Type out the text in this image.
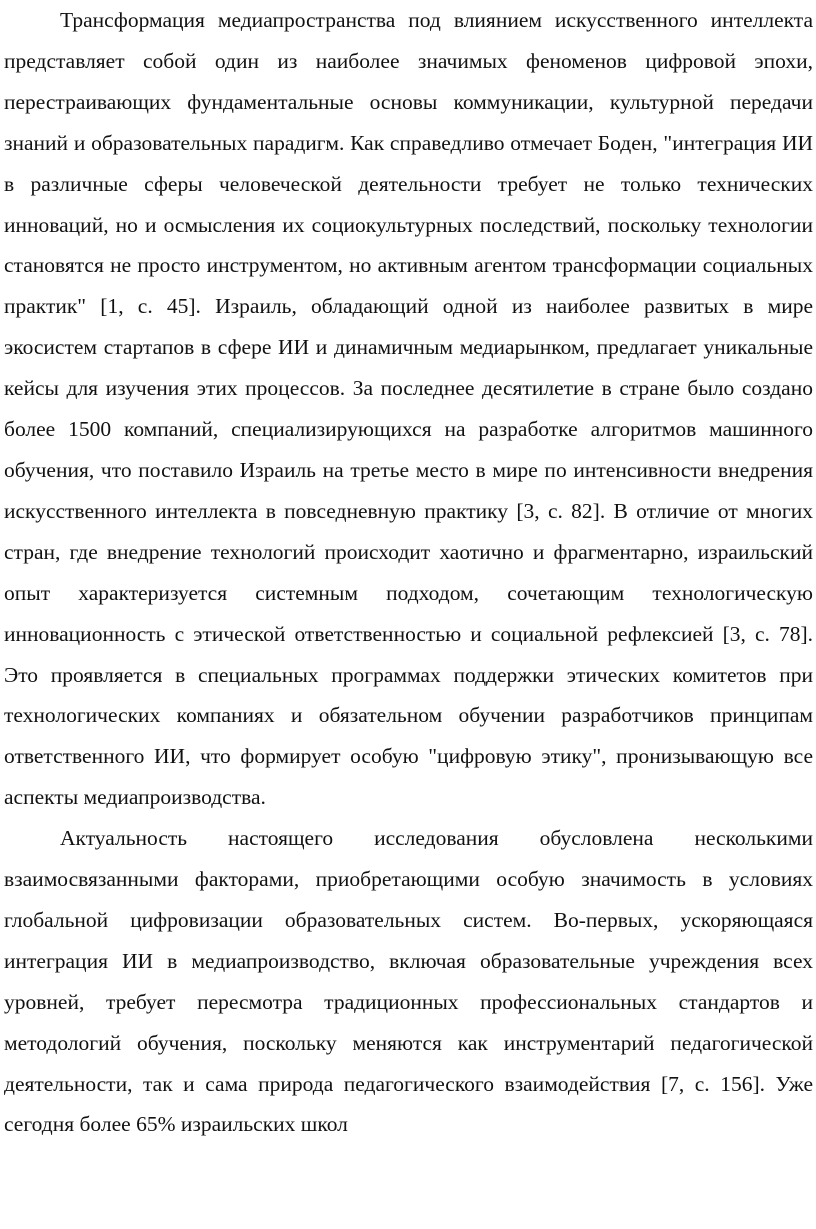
Трансформация медиапространства под влиянием искусственного интеллекта представляет собой один из наиболее значимых феноменов цифровой эпохи, перестраивающих фундаментальные основы коммуникации, культурной передачи знаний и образовательных парадигм. Как справедливо отмечает Боден, "интеграция ИИ в различные сферы человеческой деятельности требует не только технических инноваций, но и осмысления их социокультурных последствий, поскольку технологии становятся не просто инструментом, но активным агентом трансформации социальных практик" [1, с. 45]. Израиль, обладающий одной из наиболее развитых в мире экосистем стартапов в сфере ИИ и динамичным медиарынком, предлагает уникальные кейсы для изучения этих процессов. За последнее десятилетие в стране было создано более 1500 компаний, специализирующихся на разработке алгоритмов машинного обучения, что поставило Израиль на третье место в мире по интенсивности внедрения искусственного интеллекта в повседневную практику [3, с. 82]. В отличие от многих стран, где внедрение технологий происходит хаотично и фрагментарно, израильский опыт характеризуется системным подходом, сочетающим технологическую инновационность с этической ответственностью и социальной рефлексией [3, с. 78]. Это проявляется в специальных программах поддержки этических комитетов при технологических компаниях и обязательном обучении разработчиков принципам ответственного ИИ, что формирует особую "цифровую этику", пронизывающую все аспекты медиапроизводства.

Актуальность настоящего исследования обусловлена несколькими взаимосвязанными факторами, приобретающими особую значимость в условиях глобальной цифровизации образовательных систем. Во-первых, ускоряющаяся интеграция ИИ в медиапроизводство, включая образовательные учреждения всех уровней, требует пересмотра традиционных профессиональных стандартов и методологий обучения, поскольку меняются как инструментарий педагогической деятельности, так и сама природа педагогического взаимодействия [7, с. 156]. Уже сегодня более 65% израильских школ
